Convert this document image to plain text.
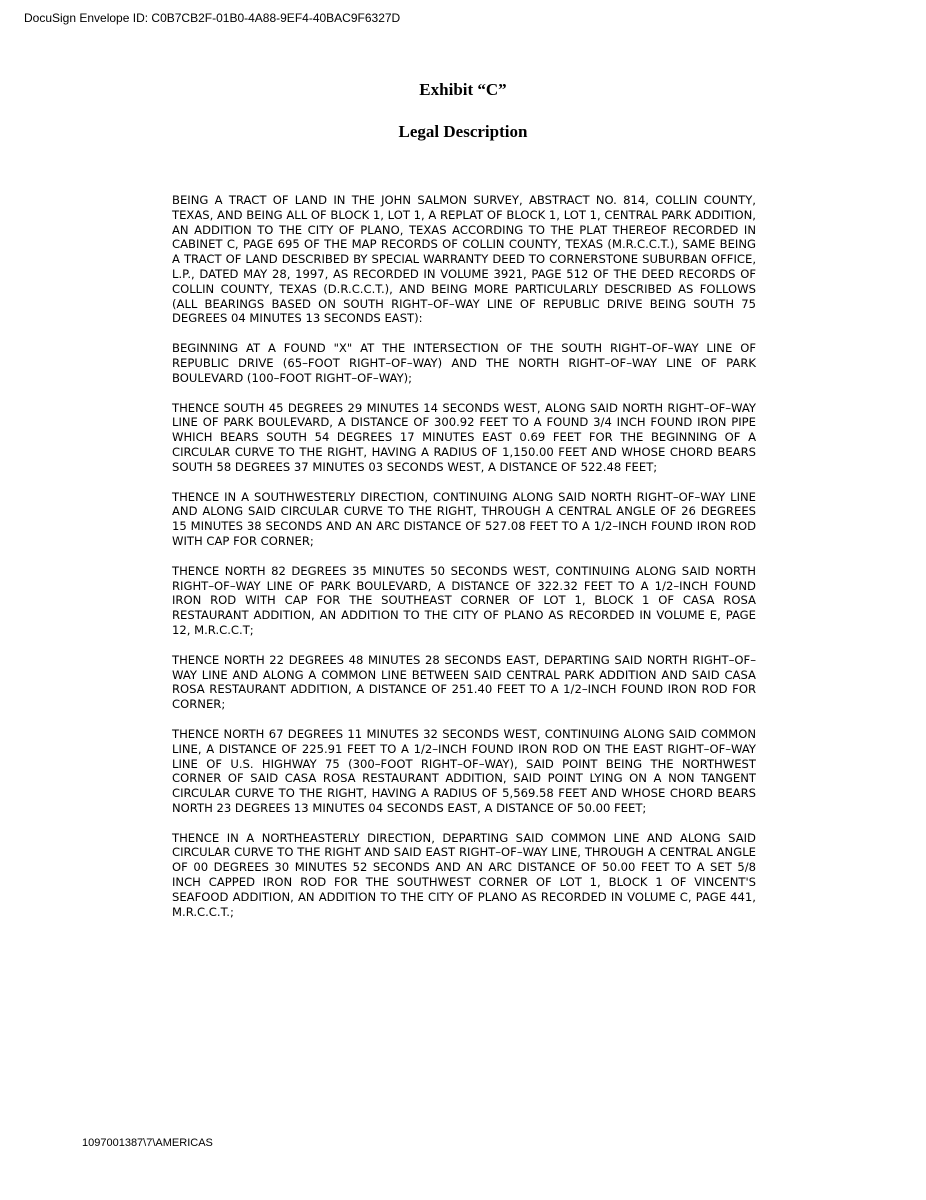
DocuSign Envelope ID: C0B7CB2F-01B0-4A88-9EF4-40BAC9F6327D
Exhibit “C”
Legal Description

BEING A TRACT OF LAND IN THE JOHN SALMON SURVEY, ABSTRACT NO. 814, COLLIN COUNTY, TEXAS, AND BEING ALL OF BLOCK 1, LOT 1, A REPLAT OF BLOCK 1, LOT 1, CENTRAL PARK ADDITION, AN ADDITION TO THE CITY OF PLANO, TEXAS ACCORDING TO THE PLAT THEREOF RECORDED IN CABINET C, PAGE 695 OF THE MAP RECORDS OF COLLIN COUNTY, TEXAS (M.R.C.C.T.), SAME BEING A TRACT OF LAND DESCRIBED BY SPECIAL WARRANTY DEED TO CORNERSTONE SUBURBAN OFFICE, L.P., DATED MAY 28, 1997, AS RECORDED IN VOLUME 3921, PAGE 512 OF THE DEED RECORDS OF COLLIN COUNTY, TEXAS (D.R.C.C.T.), AND BEING MORE PARTICULARLY DESCRIBED AS FOLLOWS (ALL BEARINGS BASED ON SOUTH RIGHT–OF–WAY LINE OF REPUBLIC DRIVE BEING SOUTH 75 DEGREES 04 MINUTES 13 SECONDS EAST):

BEGINNING AT A FOUND "X" AT THE INTERSECTION OF THE SOUTH RIGHT–OF–WAY LINE OF REPUBLIC DRIVE (65–FOOT RIGHT–OF–WAY) AND THE NORTH RIGHT–OF–WAY LINE OF PARK BOULEVARD (100–FOOT RIGHT–OF–WAY);

THENCE SOUTH 45 DEGREES 29 MINUTES 14 SECONDS WEST, ALONG SAID NORTH RIGHT–OF–WAY LINE OF PARK BOULEVARD, A DISTANCE OF 300.92 FEET TO A FOUND 3/4 INCH FOUND IRON PIPE WHICH BEARS SOUTH 54 DEGREES 17 MINUTES EAST 0.69 FEET FOR THE BEGINNING OF A CIRCULAR CURVE TO THE RIGHT, HAVING A RADIUS OF 1,150.00 FEET AND WHOSE CHORD BEARS SOUTH 58 DEGREES 37 MINUTES 03 SECONDS WEST, A DISTANCE OF 522.48 FEET;

THENCE IN A SOUTHWESTERLY DIRECTION, CONTINUING ALONG SAID NORTH RIGHT–OF–WAY LINE AND ALONG SAID CIRCULAR CURVE TO THE RIGHT, THROUGH A CENTRAL ANGLE OF 26 DEGREES 15 MINUTES 38 SECONDS AND AN ARC DISTANCE OF 527.08 FEET TO A 1/2–INCH FOUND IRON ROD WITH CAP FOR CORNER;

THENCE NORTH 82 DEGREES 35 MINUTES 50 SECONDS WEST, CONTINUING ALONG SAID NORTH RIGHT–OF–WAY LINE OF PARK BOULEVARD, A DISTANCE OF 322.32 FEET TO A 1/2–INCH FOUND IRON ROD WITH CAP FOR THE SOUTHEAST CORNER OF LOT 1, BLOCK 1 OF CASA ROSA RESTAURANT ADDITION, AN ADDITION TO THE CITY OF PLANO AS RECORDED IN VOLUME E, PAGE 12, M.R.C.C.T;

THENCE NORTH 22 DEGREES 48 MINUTES 28 SECONDS EAST, DEPARTING SAID NORTH RIGHT–OF–WAY LINE AND ALONG A COMMON LINE BETWEEN SAID CENTRAL PARK ADDITION AND SAID CASA ROSA RESTAURANT ADDITION, A DISTANCE OF 251.40 FEET TO A 1/2–INCH FOUND IRON ROD FOR CORNER;

THENCE NORTH 67 DEGREES 11 MINUTES 32 SECONDS WEST, CONTINUING ALONG SAID COMMON LINE, A DISTANCE OF 225.91 FEET TO A 1/2–INCH FOUND IRON ROD ON THE EAST RIGHT–OF–WAY LINE OF U.S. HIGHWAY 75 (300–FOOT RIGHT–OF–WAY), SAID POINT BEING THE NORTHWEST CORNER OF SAID CASA ROSA RESTAURANT ADDITION, SAID POINT LYING ON A NON TANGENT CIRCULAR CURVE TO THE RIGHT, HAVING A RADIUS OF 5,569.58 FEET AND WHOSE CHORD BEARS NORTH 23 DEGREES 13 MINUTES 04 SECONDS EAST, A DISTANCE OF 50.00 FEET;

THENCE IN A NORTHEASTERLY DIRECTION, DEPARTING SAID COMMON LINE AND ALONG SAID CIRCULAR CURVE TO THE RIGHT AND SAID EAST RIGHT–OF–WAY LINE, THROUGH A CENTRAL ANGLE OF 00 DEGREES 30 MINUTES 52 SECONDS AND AN ARC DISTANCE OF 50.00 FEET TO A SET 5/8 INCH CAPPED IRON ROD FOR THE SOUTHWEST CORNER OF LOT 1, BLOCK 1 OF VINCENT'S SEAFOOD ADDITION, AN ADDITION TO THE CITY OF PLANO AS RECORDED IN VOLUME C, PAGE 441, M.R.C.C.T.;

1097001387\7\AMERICAS
